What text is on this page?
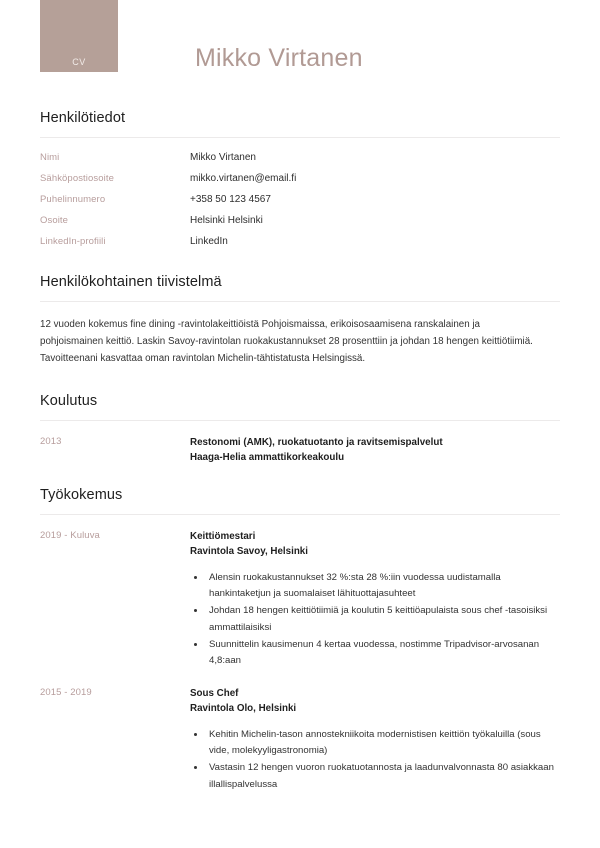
CV	Mikko Virtanen
Henkilötiedot
Nimi	Mikko Virtanen
Sähköpostiosoite	mikko.virtanen@email.fi
Puhelinnumero	+358 50 123 4567
Osoite	Helsinki Helsinki
LinkedIn-profiili	LinkedIn
Henkilökohtainen tiivistelmä

12 vuoden kokemus fine dining -ravintolakeittiöistä Pohjoismaissa, erikoisosaamisena ranskalainen ja pohjoismainen keittiö. Laskin Savoy-ravintolan ruokakustannukset 28 prosenttiin ja johdan 18 hengen keittiötiimiä. Tavoitteenani kasvattaa oman ravintolan Michelin-tähtistatusta Helsingissä.

Koulutus
2013	Restonomi (AMK), ruokatuotanto ja ravitsemispalvelut
Haaga-Helia ammattikorkeakoulu
Työkokemus
2019 - Kuluva	Keittiömestari
Ravintola Savoy, Helsinki
• Alensin ruokakustannukset 32 %:sta 28 %:iin vuodessa uudistamalla hankintaketjun ja suomalaiset lähituottajasuhteet
• Johdan 18 hengen keittiötiimiä ja koulutin 5 keittiöapulaista sous chef -tasoisiksi ammattilaisiksi
• Suunnittelin kausimenun 4 kertaa vuodessa, nostimme Tripadvisor-arvosanan 4,8:aan
2015 - 2019	Sous Chef
Ravintola Olo, Helsinki
• Kehitin Michelin-tason annostekniikoita modernistisen keittiön työkaluilla (sous vide, molekyyligastronomia)
• Vastasin 12 hengen vuoron ruokatuotannosta ja laadunvalvonnasta 80 asiakkaan illallispalvelussa
